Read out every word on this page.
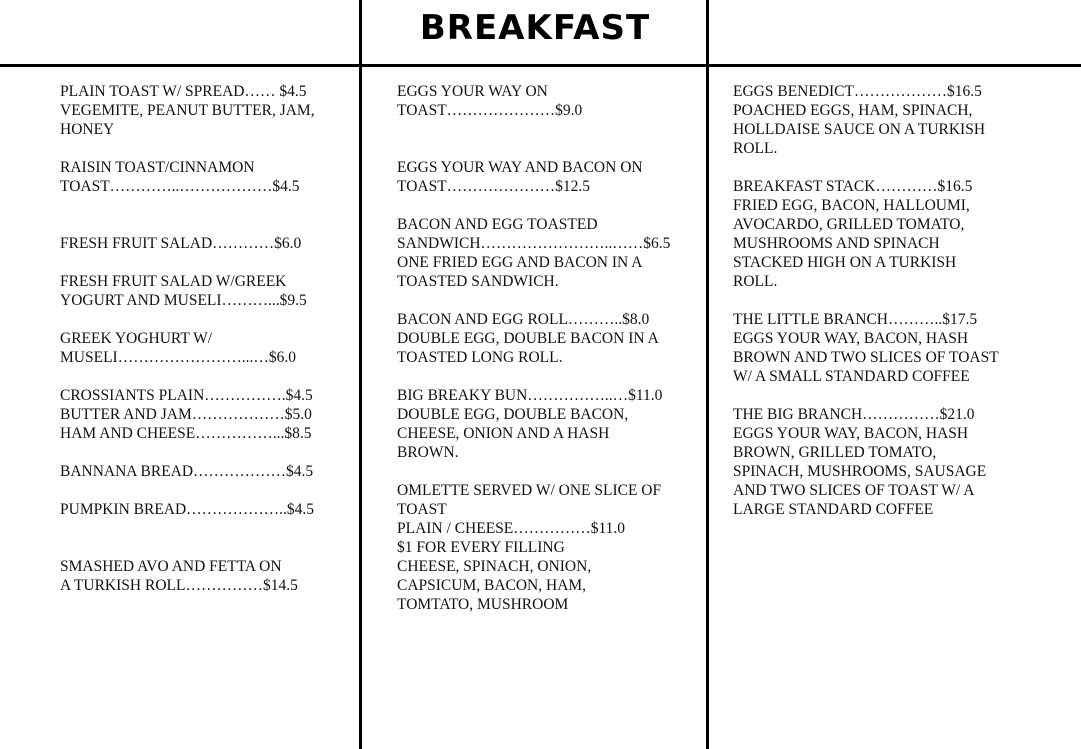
BREAKFAST
PLAIN TOAST W/ SPREAD…… $4.5
VEGEMITE, PEANUT BUTTER, JAM,
HONEY
RAISIN TOAST/CINNAMON
TOAST…………..………………$4.5
FRESH FRUIT SALAD…………$6.0
FRESH FRUIT SALAD W/GREEK
YOGURT AND MUSELI………...$9.5
GREEK YOGHURT W/
MUSELI……………………...…$6.0
CROSSIANTS PLAIN…………….$4.5
BUTTER AND JAM………………$5.0
HAM AND CHEESE……………...$8.5
BANNANA BREAD………………$4.5
PUMPKIN BREAD………………..$4.5
SMASHED AVO AND FETTA ON
A TURKISH ROLL……………$14.5
EGGS YOUR WAY ON
TOAST…………………$9.0
EGGS YOUR WAY AND BACON ON
TOAST…………………$12.5
BACON AND EGG TOASTED
SANDWICH……………………..……$6.5
ONE FRIED EGG AND BACON IN A
TOASTED SANDWICH.
BACON AND EGG ROLL………..$8.0
DOUBLE EGG, DOUBLE BACON IN A
TOASTED LONG ROLL.
BIG BREAKY BUN……………..…$11.0
DOUBLE EGG, DOUBLE BACON,
CHEESE, ONION AND A HASH
BROWN.
OMLETTE SERVED W/ ONE SLICE OF
TOAST
PLAIN / CHEESE……………$11.0
$1 FOR EVERY FILLING
CHEESE, SPINACH, ONION,
CAPSICUM, BACON, HAM,
TOMTATO, MUSHROOM
EGGS BENEDICT………………$16.5
POACHED EGGS, HAM, SPINACH,
HOLLDAISE SAUCE ON A TURKISH
ROLL.
BREAKFAST STACK…………$16.5
FRIED EGG, BACON, HALLOUMI,
AVOCARDO, GRILLED TOMATO,
MUSHROOMS AND SPINACH
STACKED HIGH ON A TURKISH
ROLL.
THE LITTLE BRANCH………..$17.5
EGGS YOUR WAY, BACON, HASH
BROWN AND TWO SLICES OF TOAST
W/ A SMALL STANDARD COFFEE
THE BIG BRANCH……………$21.0
EGGS YOUR WAY, BACON, HASH
BROWN, GRILLED TOMATO,
SPINACH, MUSHROOMS, SAUSAGE
AND TWO SLICES OF TOAST W/ A
LARGE STANDARD COFFEE
